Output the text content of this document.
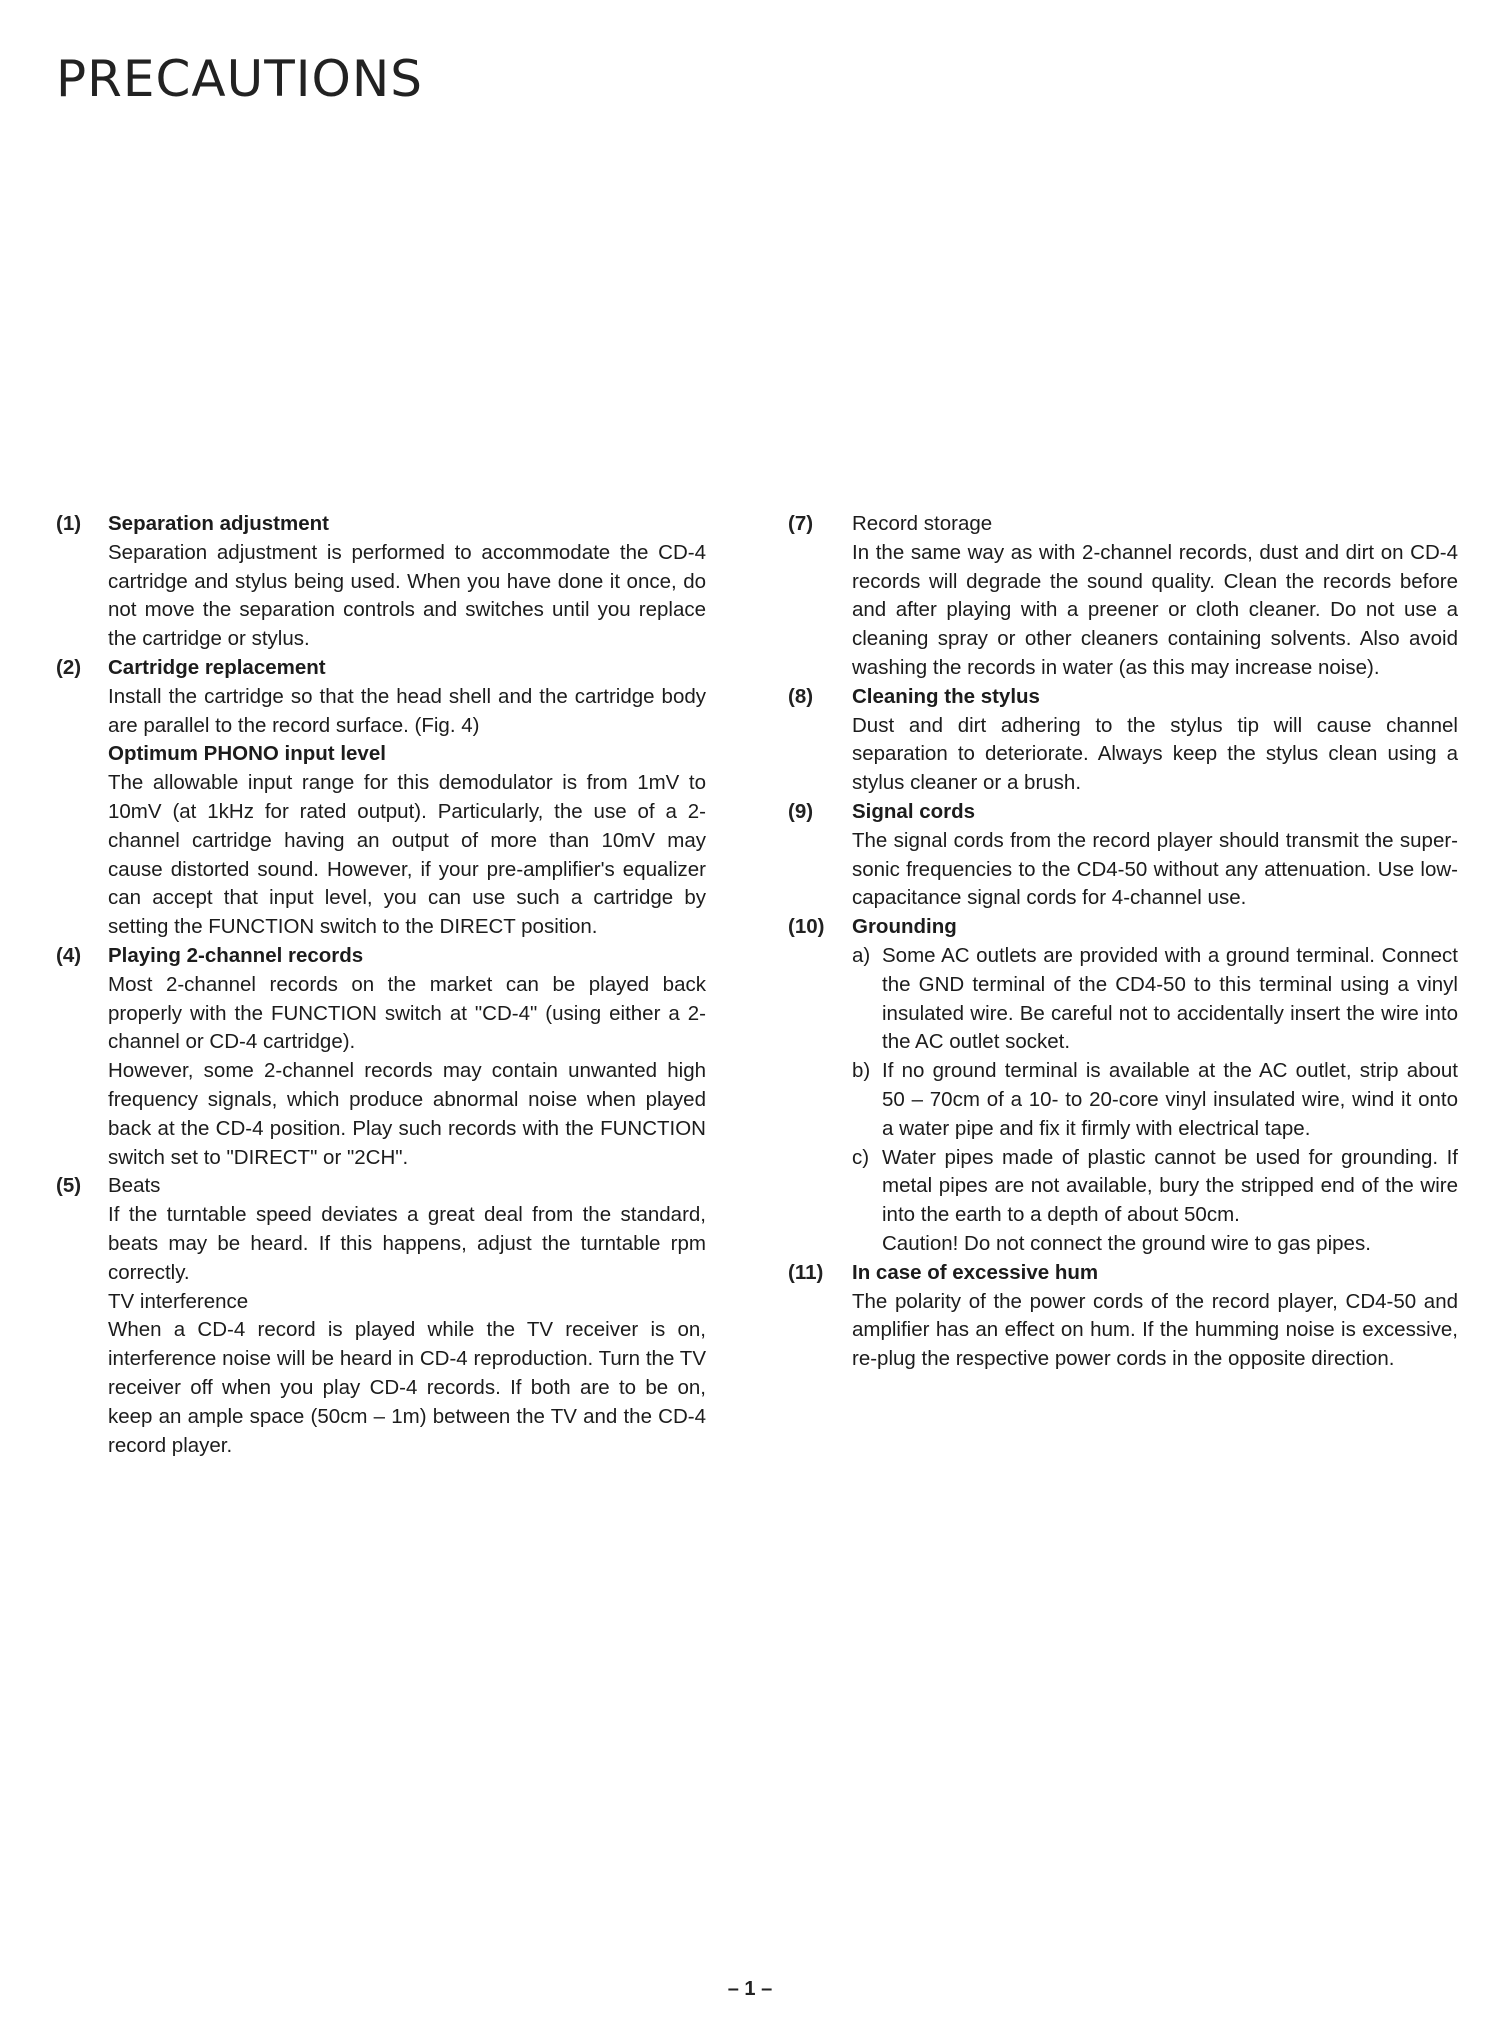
PRECAUTIONS
(1) Separation adjustment
Separation adjustment is performed to accommodate the CD-4 cartridge and stylus being used. When you have done it once, do not move the separation controls and switches until you replace the cartridge or stylus.
(2) Cartridge replacement
Install the cartridge so that the head shell and the cartridge body are parallel to the record surface. (Fig. 4)
Optimum PHONO input level
The allowable input range for this demodulator is from 1mV to 10mV (at 1kHz for rated output). Particularly, the use of a 2-channel cartridge having an output of more than 10mV may cause distorted sound. However, if your pre-amplifier's equalizer can accept that input level, you can use such a cartridge by setting the FUNCTION switch to the DIRECT position.
(4) Playing 2-channel records
Most 2-channel records on the market can be played back properly with the FUNCTION switch at "CD-4" (using either a 2-channel or CD-4 cartridge).
However, some 2-channel records may contain unwanted high frequency signals, which produce abnormal noise when played back at the CD-4 position. Play such records with the FUNCTION switch set to "DIRECT" or "2CH".
(5) Beats
If the turntable speed deviates a great deal from the standard, beats may be heard. If this happens, adjust the turntable rpm correctly.
TV interference
When a CD-4 record is played while the TV receiver is on, interference noise will be heard in CD-4 reproduction. Turn the TV receiver off when you play CD-4 records. If both are to be on, keep an ample space (50cm – 1m) between the TV and the CD-4 record player.
(7) Record storage
In the same way as with 2-channel records, dust and dirt on CD-4 records will degrade the sound quality. Clean the records before and after playing with a preener or cloth cleaner. Do not use a cleaning spray or other cleaners containing solvents. Also avoid washing the records in water (as this may increase noise).
(8) Cleaning the stylus
Dust and dirt adhering to the stylus tip will cause channel separation to deteriorate. Always keep the stylus clean using a stylus cleaner or a brush.
(9) Signal cords
The signal cords from the record player should transmit the super-sonic frequencies to the CD4-50 without any attenuation. Use low-capacitance signal cords for 4-channel use.
(10) Grounding
a) Some AC outlets are provided with a ground terminal. Connect the GND terminal of the CD4-50 to this terminal using a vinyl insulated wire. Be careful not to accidentally insert the wire into the AC outlet socket.
b) If no ground terminal is available at the AC outlet, strip about 50 – 70cm of a 10- to 20-core vinyl insulated wire, wind it onto a water pipe and fix it firmly with electrical tape.
c) Water pipes made of plastic cannot be used for grounding. If metal pipes are not available, bury the stripped end of the wire into the earth to a depth of about 50cm.
Caution! Do not connect the ground wire to gas pipes.
(11) In case of excessive hum
The polarity of the power cords of the record player, CD4-50 and amplifier has an effect on hum. If the humming noise is excessive, re-plug the respective power cords in the opposite direction.
– 1 –
